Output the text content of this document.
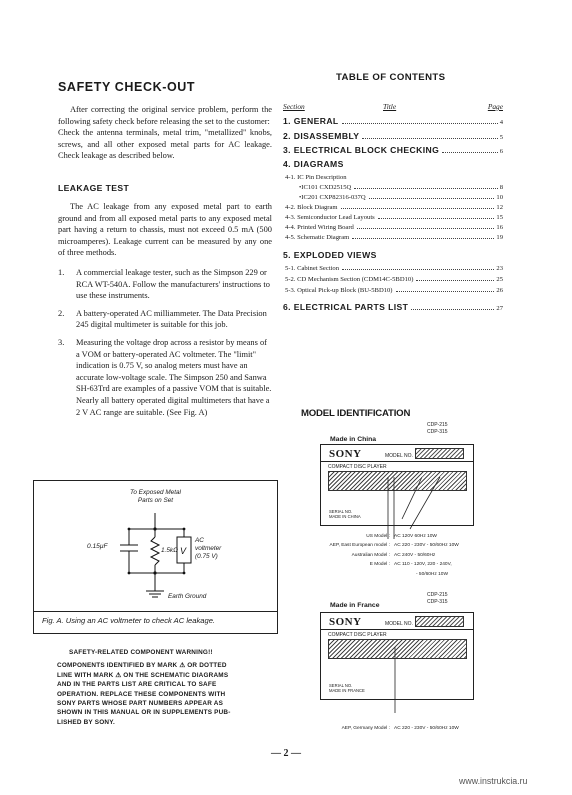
SAFETY CHECK-OUT
After correcting the original service problem, perform the following safety check before releasing the set to the customer:
Check the antenna terminals, metal trim, "metallized" knobs, screws, and all other exposed metal parts for AC leakage. Check leakage as described below.
LEAKAGE TEST
The AC leakage from any exposed metal part to earth ground and from all exposed metal parts to any exposed metal part having a return to chassis, must not exceed 0.5 mA (500 microamperes). Leakage current can be measured by any one of three methods.
1. A commercial leakage tester, such as the Simpson 229 or RCA WT-540A. Follow the manufacturers' instructions to use these instruments.
2. A battery-operated AC milliammeter. The Data Precision 245 digital multimeter is suitable for this job.
3. Measuring the voltage drop across a resistor by means of a VOM or battery-operated AC voltmeter. The "limit" indication is 0.75 V, so analog meters must have an accurate low-voltage scale. The Simpson 250 and Sanwa SH-63Trd are examples of a passive VOM that is suitable. Nearly all battery operated digital multimeters that have a 2 V AC range are suitable. (See Fig. A)
V
To Exposed Metal
Parts on Set
0.15μF
1.5kΩ
AC
voltmeter
(0.75 V)
Earth Ground
Fig. A. Using an AC voltmeter to check AC leakage.
SAFETY-RELATED COMPONENT WARNING!!
COMPONENTS IDENTIFIED BY MARK ⚠ OR DOTTED
LINE WITH MARK ⚠ ON THE SCHEMATIC DIAGRAMS
AND IN THE PARTS LIST ARE CRITICAL TO SAFE
OPERATION. REPLACE THESE COMPONENTS WITH
SONY PARTS WHOSE PART NUMBERS APPEAR AS
SHOWN IN THIS MANUAL OR IN SUPPLEMENTS PUB-
LISHED BY SONY.
TABLE OF CONTENTS
Section	Title	Page
1. GENERAL	4
2. DISASSEMBLY	5
3. ELECTRICAL BLOCK CHECKING	6
4. DIAGRAMS
4-1. IC Pin Description
•IC101 CXD2515Q	8
•IC201 CXP82316-037Q	10
4-2. Block Diagram	12
4-3. Semiconductor Lead Layouts	15
4-4. Printed Wiring Board	16
4-5. Schematic Diagram	19
5. EXPLODED VIEWS
5-1. Cabinet Section	23
5-2. CD Mechanism Section (CDM14C-5BD10)	25
5-3. Optical Pick-up Block (BU-5BD10)	26
6. ELECTRICAL PARTS LIST	27
MODEL IDENTIFICATION
Made in China
CDP-215
CDP-315
SONY	MODEL NO.
COMPACT DISC PLAYER
SERIAL NO.
MADE IN CHINA
US Model : AC 120V 60Hz 10W
AEP, East European model : AC 220 - 230V - 50/60Hz 10W
Australian Model : AC 240V - 50/60Hz
E Model : AC 110 - 120V, 220 - 240V,
- 50/60Hz 10W
Made in France
CDP-215
CDP-315
SONY	MODEL NO.
COMPACT DISC PLAYER
SERIAL NO.
MADE IN FRANCE
AEP, Germany Model : AC 220 - 230V - 50/60Hz 10W
— 2 —
www.instrukcia.ru
